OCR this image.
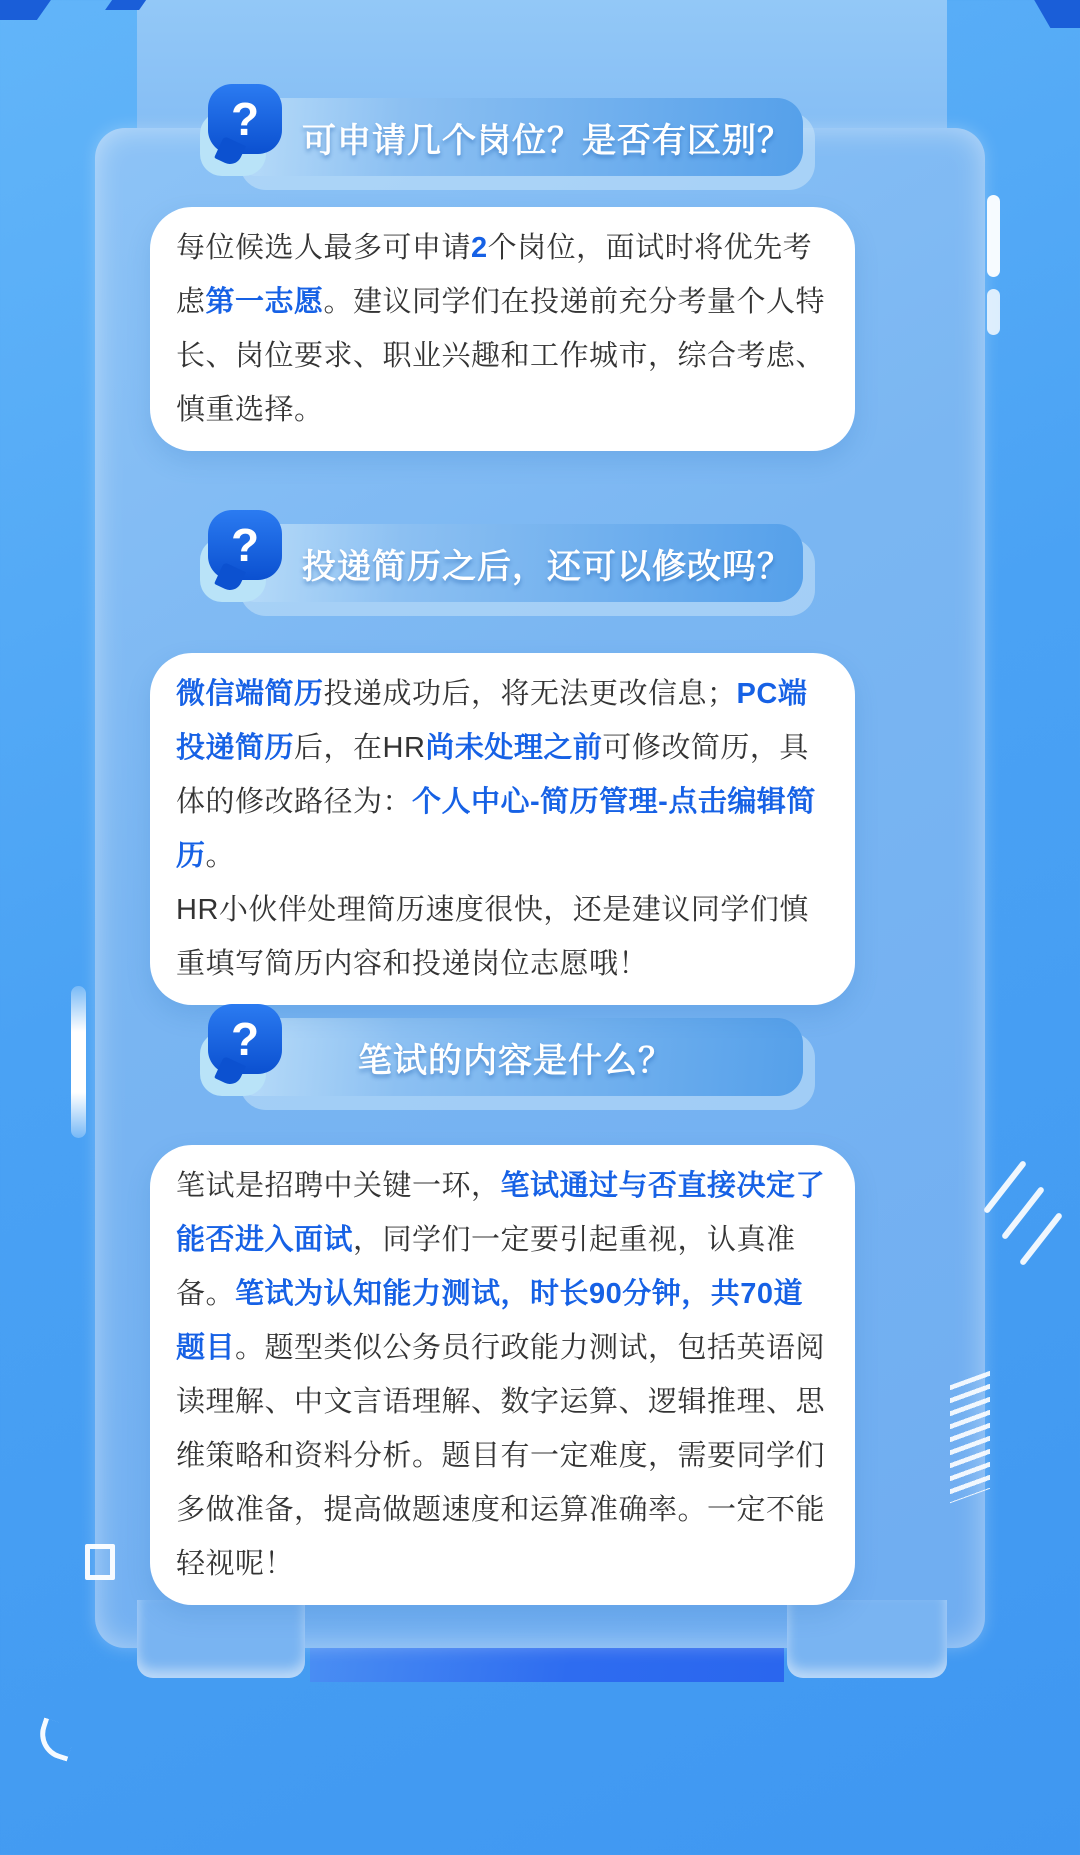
可申请几个岗位？是否有区别？
?

每位候选人最多可申请2个岗位，面试时将优先考虑第一志愿。建议同学们在投递前充分考量个人特长、岗位要求、职业兴趣和工作城市，综合考虑、慎重选择。

投递简历之后，还可以修改吗？
?

微信端简历投递成功后，将无法更改信息；PC端投递简历后，在HR尚未处理之前可修改简历，具体的修改路径为：个人中心-简历管理-点击编辑简历。
HR小伙伴处理简历速度很快，还是建议同学们慎重填写简历内容和投递岗位志愿哦！

笔试的内容是什么？
?

笔试是招聘中关键一环，笔试通过与否直接决定了能否进入面试，同学们一定要引起重视，认真准备。笔试为认知能力测试，时长90分钟，共70道题目。题型类似公务员行政能力测试，包括英语阅读理解、中文言语理解、数字运算、逻辑推理、思维策略和资料分析。题目有一定难度，需要同学们多做准备，提高做题速度和运算准确率。一定不能轻视呢！
